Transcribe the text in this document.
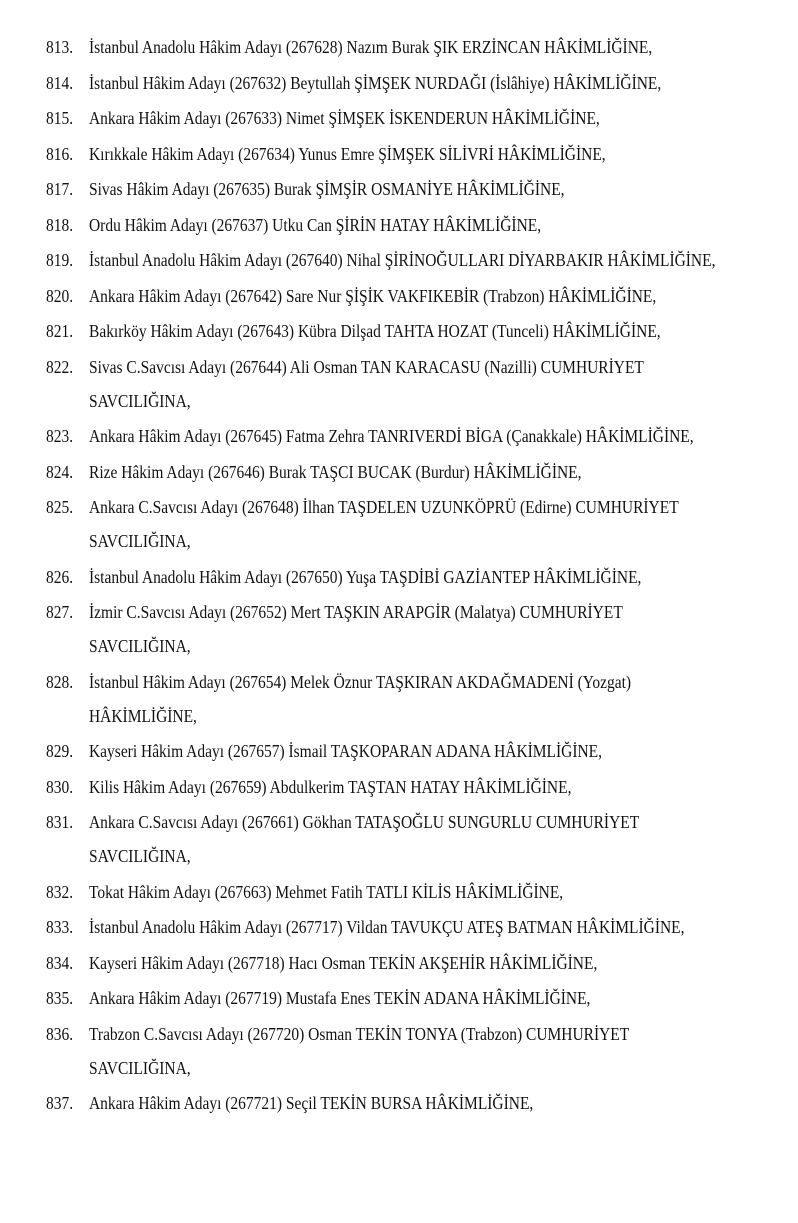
813. İstanbul Anadolu Hâkim Adayı (267628) Nazım Burak ŞIK ERZİNCAN HÂKİMLİĞİNE,
814. İstanbul Hâkim Adayı (267632) Beytullah ŞİMŞEK NURDAĞI (İslâhiye) HÂKİMLİĞİNE,
815. Ankara Hâkim Adayı (267633) Nimet ŞİMŞEK İSKENDERUN HÂKİMLİĞİNE,
816. Kırıkkale Hâkim Adayı (267634) Yunus Emre ŞİMŞEK SİLİVRİ HÂKİMLİĞİNE,
817. Sivas Hâkim Adayı (267635) Burak ŞİMŞİR OSMANİYE HÂKİMLİĞİNE,
818. Ordu Hâkim Adayı (267637) Utku Can ŞİRİN HATAY HÂKİMLİĞİNE,
819. İstanbul Anadolu Hâkim Adayı (267640) Nihal ŞİRİNOĞULLARI DİYARBAKIR HÂKİMLİĞİNE,
820. Ankara Hâkim Adayı (267642) Sare Nur ŞİŞİK VAKFIKEBİR (Trabzon) HÂKİMLİĞİNE,
821. Bakırköy Hâkim Adayı (267643) Kübra Dilşad TAHTA HOZAT (Tunceli) HÂKİMLİĞİNE,
822. Sivas C.Savcısı Adayı (267644) Ali Osman TAN KARACASU (Nazilli) CUMHURİYET
SAVCILIĞINA,
823. Ankara Hâkim Adayı (267645) Fatma Zehra TANRIVERDİ BİGA (Çanakkale) HÂKİMLİĞİNE,
824. Rize Hâkim Adayı (267646) Burak TAŞCI BUCAK (Burdur) HÂKİMLİĞİNE,
825. Ankara C.Savcısı Adayı (267648) İlhan TAŞDELEN UZUNKÖPRÜ (Edirne) CUMHURİYET
SAVCILIĞINA,
826. İstanbul Anadolu Hâkim Adayı (267650) Yuşa TAŞDİBİ GAZİANTEP HÂKİMLİĞİNE,
827. İzmir C.Savcısı Adayı (267652) Mert TAŞKIN ARAPGİR (Malatya) CUMHURİYET
SAVCILIĞINA,
828. İstanbul Hâkim Adayı (267654) Melek Öznur TAŞKIRAN AKDAĞMADENİ (Yozgat)
HÂKİMLİĞİNE,
829. Kayseri Hâkim Adayı (267657) İsmail TAŞKOPARAN ADANA HÂKİMLİĞİNE,
830. Kilis Hâkim Adayı (267659) Abdulkerim TAŞTAN HATAY HÂKİMLİĞİNE,
831. Ankara C.Savcısı Adayı (267661) Gökhan TATAŞOĞLU SUNGURLU CUMHURİYET
SAVCILIĞINA,
832. Tokat Hâkim Adayı (267663) Mehmet Fatih TATLI KİLİS HÂKİMLİĞİNE,
833. İstanbul Anadolu Hâkim Adayı (267717) Vildan TAVUKÇU ATEŞ BATMAN HÂKİMLİĞİNE,
834. Kayseri Hâkim Adayı (267718) Hacı Osman TEKİN AKŞEHİR HÂKİMLİĞİNE,
835. Ankara Hâkim Adayı (267719) Mustafa Enes TEKİN ADANA HÂKİMLİĞİNE,
836. Trabzon C.Savcısı Adayı (267720) Osman TEKİN TONYA (Trabzon) CUMHURİYET
SAVCILIĞINA,
837. Ankara Hâkim Adayı (267721) Seçil TEKİN BURSA HÂKİMLİĞİNE,
